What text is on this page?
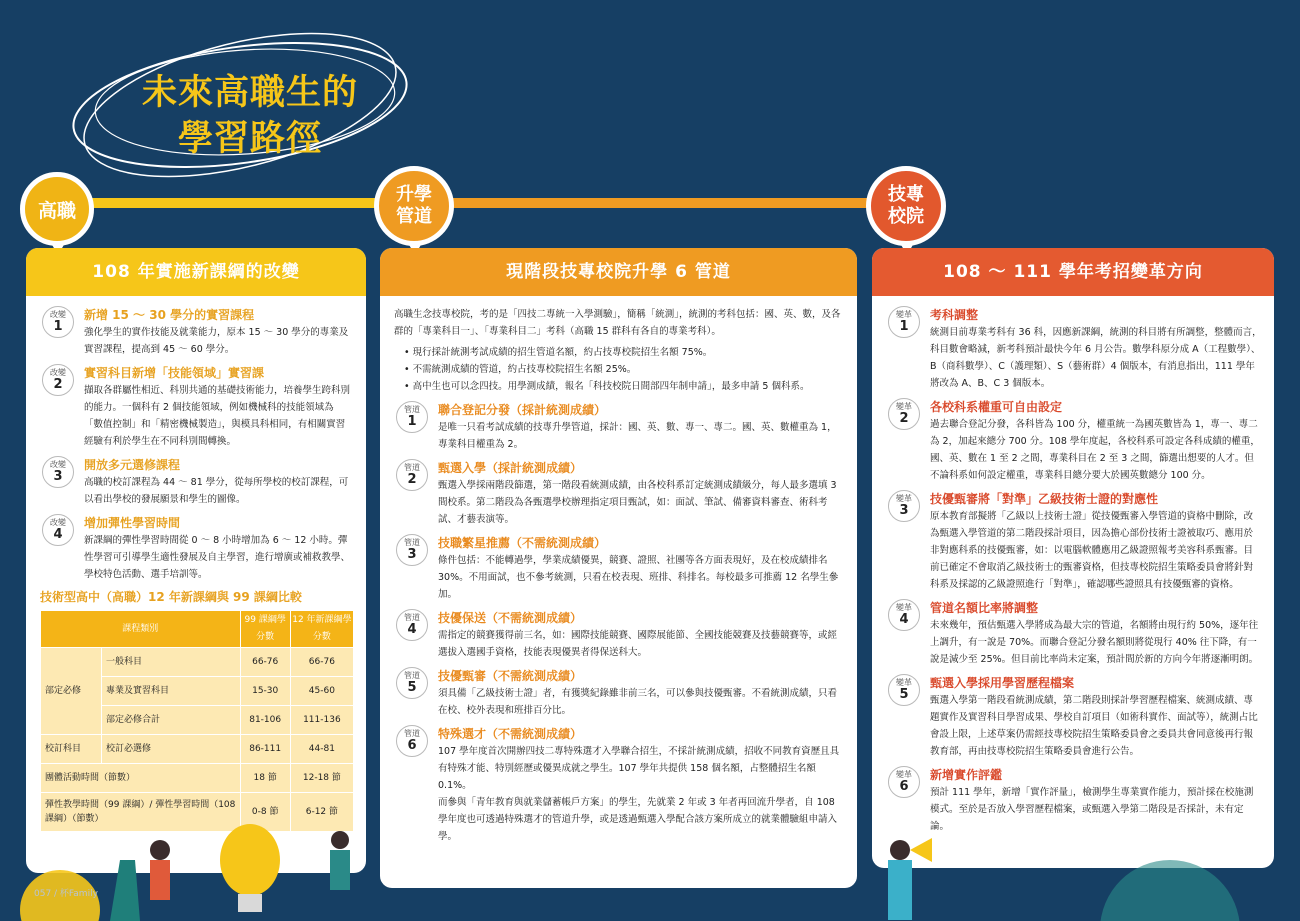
未來高職生的
學習路徑
高職
升學管道
技專校院
108 年實施新課綱的改變
改變
1
新增 15 ～ 30 學分的實習課程
強化學生的實作技能及就業能力，原本 15 ～ 30 學分的專業及實習課程，提高到 45 ～ 60 學分。
改變
2
實習科目新增「技能領域」實習課
擷取各群屬性相近、科別共通的基礎技術能力，培養學生跨科別的能力。一個科有 2 個技能領域，例如機械科的技能領域為「數值控制」和「精密機械製造」，與模具科相同，有相關實習經驗有利於學生在不同科別間轉換。
改變
3
開放多元選修課程
高職的校訂課程為 44 ～ 81 學分，從每所學校的校訂課程，可以看出學校的發展願景和學生的圖像。
改變
4
增加彈性學習時間
新課綱的彈性學習時間從 0 ～ 8 小時增加為 6 ～ 12 小時。彈性學習可引導學生適性發展及自主學習，進行增廣或補救教學、學校特色活動、選手培訓等。
技術型高中（高職）12 年新課綱與 99 課綱比較
課程類別		99 課綱學分數	12 年新課綱學分數
部定必修	一般科目	66-76	66-76
	專業及實習科目	15-30	45-60
	部定必修合計	81-106	111-136
校訂科目	校訂必選修	86-111	44-81
團體活動時間（節數）		18 節	12-18 節
彈性教學時間（99 課綱）/ 彈性學習時間（108 課綱）（節數）		0-8 節	6-12 節
現階段技專校院升學 6 管道
高職生念技專校院，考的是「四技二專統一入學測驗」，簡稱「統測」，統測的考科包括：國、英、數，及各群的「專業科目一」、「專業科目二」考科（高職 15 群科有各自的專業考科）。
• 現行採計統測考試成績的招生管道名額，約占技專校院招生名額 75%。
• 不需統測成績的管道，約占技專校院招生名額 25%。
• 高中生也可以念四技。用學測成績，報名「科技校院日間部四年制申請」，最多申請 5 個科系。
管道
1
聯合登記分發（採計統測成績）
是唯一只看考試成績的技專升學管道，採計：國、英、數、專一、專二。國、英、數權重為 1，專業科目權重為 2。
管道
2
甄選入學（採計統測成績）
甄選入學採兩階段篩選，第一階段看統測成績，由各校科系訂定統測成績級分，每人最多選填 3 間校系。第二階段為各甄選學校辦理指定項目甄試，如：面試、筆試、備審資料審查、術科考試、才藝表演等。
管道
3
技職繁星推薦（不需統測成績）
條件包括：不能轉過學，學業成績優異，競賽、證照、社團等各方面表現好，及在校成績排名 30%。不用面試，也不參考統測，只看在校表現、班排、科排名。每校最多可推薦 12 名學生參加。
管道
4
技優保送（不需統測成績）
需指定的競賽獲得前三名，如：國際技能競賽、國際展能節、全國技能競賽及技藝競賽等，或經選拔入選國手資格，技能表現優異者得保送科大。
管道
5
技優甄審（不需統測成績）
須具備「乙級技術士證」者，有獲獎紀錄雖非前三名，可以參與技優甄審。不看統測成績，只看在校、校外表現和班排百分比。
管道
6
特殊選才（不需統測成績）
107 學年度首次開辦四技二專特殊選才入學聯合招生，不採計統測成績，招收不同教育資歷且具有特殊才能、特別經歷或優異成就之學生。107 學年共提供 158 個名額，占整體招生名額 0.1%。
而參與「青年教育與就業儲蓄帳戶方案」的學生，先就業 2 年或 3 年者再回流升學者，自 108 學年度也可透過特殊選才的管道升學，或是透過甄選入學配合該方案所成立的就業體驗組申請入學。
108 ～ 111 學年考招變革方向
變革
1
考科調整
統測目前專業考科有 36 科，因應新課綱，統測的科目將有所調整，整體而言，科目數會略減，新考科預計最快今年 6 月公告。數學科原分成 A（工程數學）、B（商科數學）、C（護理類）、S（藝術群）4 個版本，有消息指出，111 學年將改為 A、B、C 3 個版本。
變革
2
各校科系權重可自由設定
過去聯合登記分發，各科皆為 100 分，權重統一為國英數皆為 1，專一、專二為 2，加起來總分 700 分。108 學年度起，各校科系可設定各科成績的權重，國、英、數在 1 至 2 之間，專業科目在 2 至 3 之間，篩選出想要的人才。但不論科系如何設定權重，專業科目總分要大於國英數總分 100 分。
變革
3
技優甄審將「對準」乙級技術士證的對應性
原本教育部擬將「乙級以上技術士證」從技優甄審入學管道的資格中刪除，改為甄選入學管道的第二階段採計項目，因為擔心部份技術士證被取巧、應用於非對應科系的技優甄審，如：以電腦軟體應用乙級證照報考美容科系甄審。目前已確定不會取消乙級技術士的甄審資格，但技專校院招生策略委員會將針對科系及採認的乙級證照進行「對準」，確認哪些證照具有技優甄審的資格。
變革
4
管道名額比率將調整
未來幾年，預估甄選入學將成為最大宗的管道，名額將由現行約 50%，逐年往上調升，有一說是 70%。而聯合登記分發名額則將從現行 40% 往下降，有一說是減少至 25%。但目前比率尚未定案，預計間於新的方向今年將逐漸明朗。
變革
5
甄選入學採用學習歷程檔案
甄選入學第一階段看統測成績，第二階段則採計學習歷程檔案、統測成績、專題實作及實習科目學習成果、學校自訂項目（如術科實作、面試等），統測占比會設上限，上述草案仍需經技專校院招生策略委員會之委員共會同意後再行報教育部，再由技專校院招生策略委員會進行公告。
變革
6
新增實作評鑑
預計 111 學年，新增「實作評量」，檢測學生專業實作能力，預計採在校施測模式。至於是否放入學習歷程檔案，或甄選入學第二階段是否採計，未有定論。
057 / 杯Family
